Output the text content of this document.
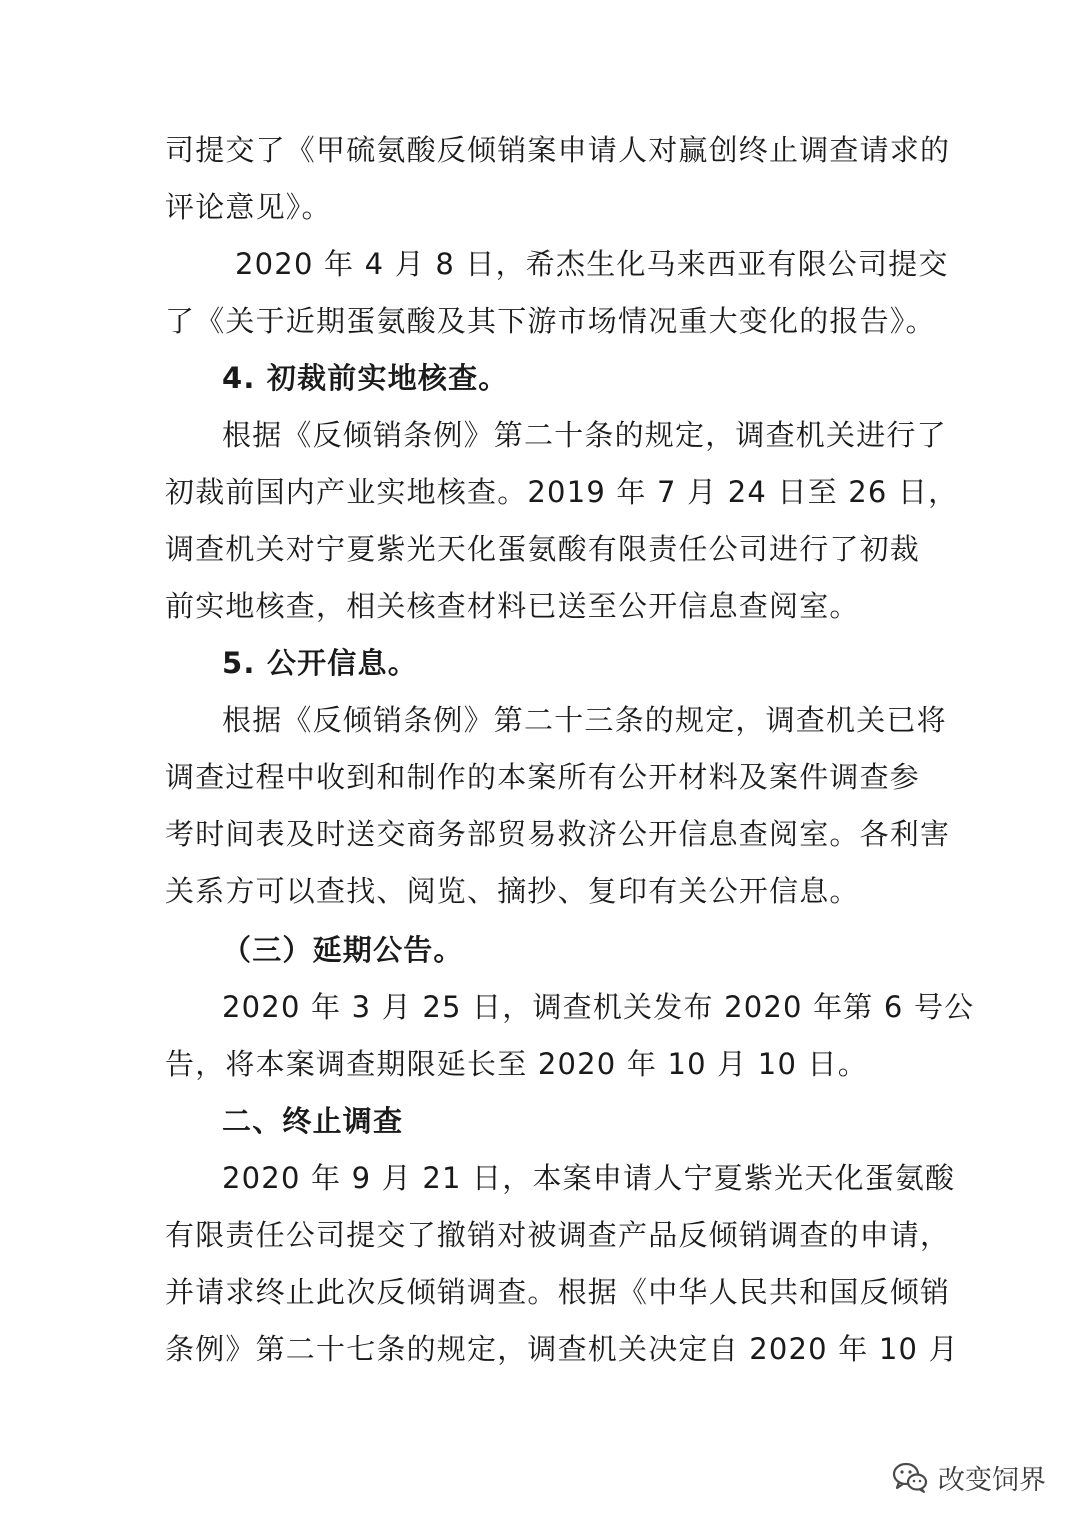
司提交了《甲硫氨酸反倾销案申请人对赢创终止调查请求的
评论意见》。
2020 年 4 月 8 日，希杰生化马来西亚有限公司提交
了《关于近期蛋氨酸及其下游市场情况重大变化的报告》。
4. 初裁前实地核查。
根据《反倾销条例》第二十条的规定，调查机关进行了
初裁前国内产业实地核查。2019 年 7 月 24 日至 26 日，
调查机关对宁夏紫光天化蛋氨酸有限责任公司进行了初裁
前实地核查，相关核查材料已送至公开信息查阅室。
5. 公开信息。
根据《反倾销条例》第二十三条的规定，调查机关已将
调查过程中收到和制作的本案所有公开材料及案件调查参
考时间表及时送交商务部贸易救济公开信息查阅室。各利害
关系方可以查找、阅览、摘抄、复印有关公开信息。
（三）延期公告。
2020 年 3 月 25 日，调查机关发布 2020 年第 6 号公
告，将本案调查期限延长至 2020 年 10 月 10 日。
二、终止调查
2020 年 9 月 21 日，本案申请人宁夏紫光天化蛋氨酸
有限责任公司提交了撤销对被调查产品反倾销调查的申请，
并请求终止此次反倾销调查。根据《中华人民共和国反倾销
条例》第二十七条的规定，调查机关决定自 2020 年 10 月
改变饲界
